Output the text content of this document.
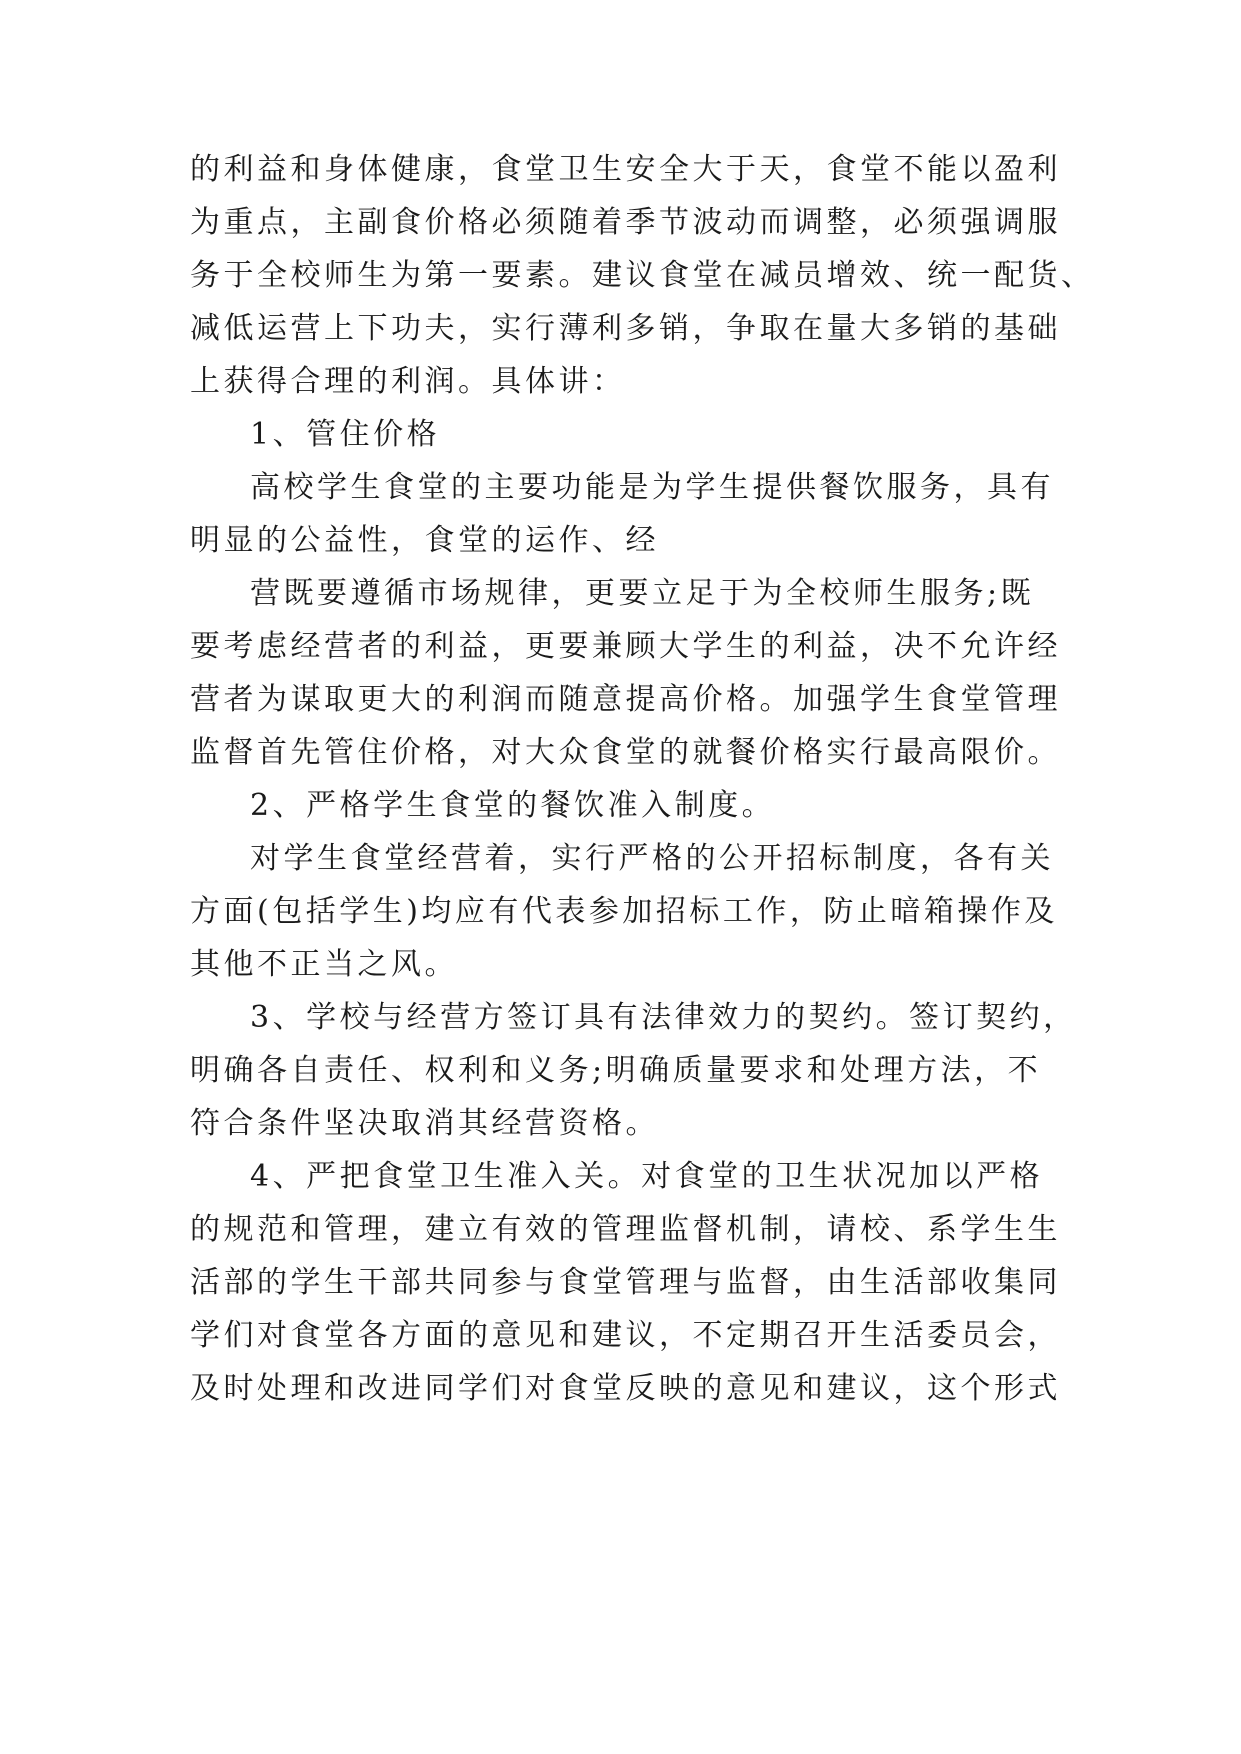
的利益和身体健康，食堂卫生安全大于天，食堂不能以盈利
为重点，主副食价格必须随着季节波动而调整，必须强调服
务于全校师生为第一要素。建议食堂在减员增效、统一配货、
减低运营上下功夫，实行薄利多销，争取在量大多销的基础
上获得合理的利润。具体讲：
1、管住价格
高校学生食堂的主要功能是为学生提供餐饮服务，具有
明显的公益性，食堂的运作、经
营既要遵循市场规律，更要立足于为全校师生服务;既
要考虑经营者的利益，更要兼顾大学生的利益，决不允许经
营者为谋取更大的利润而随意提高价格。加强学生食堂管理
监督首先管住价格，对大众食堂的就餐价格实行最高限价。
2、严格学生食堂的餐饮准入制度。
对学生食堂经营着，实行严格的公开招标制度，各有关
方面(包括学生)均应有代表参加招标工作，防止暗箱操作及
其他不正当之风。
3、学校与经营方签订具有法律效力的契约。签订契约，
明确各自责任、权利和义务;明确质量要求和处理方法，不
符合条件坚决取消其经营资格。
4、严把食堂卫生准入关。对食堂的卫生状况加以严格
的规范和管理，建立有效的管理监督机制，请校、系学生生
活部的学生干部共同参与食堂管理与监督，由生活部收集同
学们对食堂各方面的意见和建议，不定期召开生活委员会，
及时处理和改进同学们对食堂反映的意见和建议，这个形式
